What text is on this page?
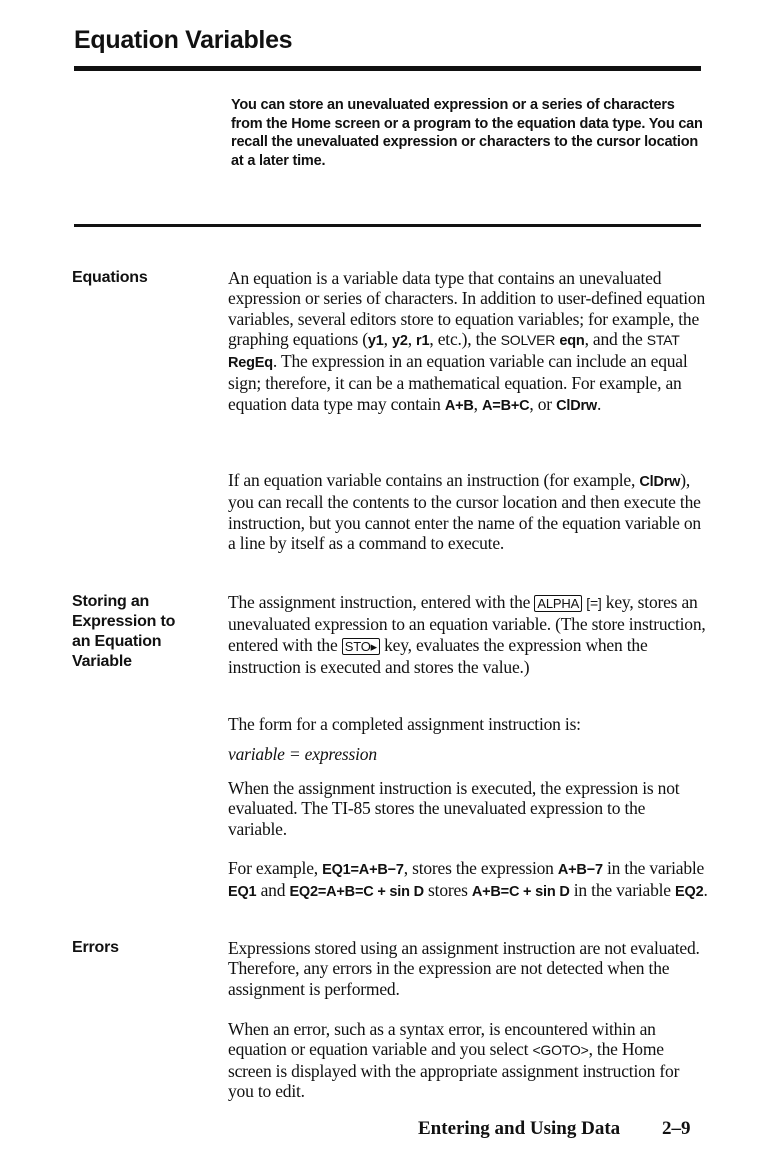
Equation Variables
You can store an unevaluated expression or a series of characters from the Home screen or a program to the equation data type. You can recall the unevaluated expression or characters to the cursor location at a later time.
Equations	An equation is a variable data type that contains an unevaluated expression or series of characters. In addition to user-defined equation variables, several editors store to equation variables; for example, the graphing equations (y1, y2, r1, etc.), the SOLVER eqn, and the STAT RegEq. The expression in an equation variable can include an equal sign; therefore, it can be a mathematical equation. For example, an equation data type may contain A+B, A=B+C, or ClDrw.
If an equation variable contains an instruction (for example, ClDrw), you can recall the contents to the cursor location and then execute the instruction, but you cannot enter the name of the equation variable on a line by itself as a command to execute.
Storing an
Expression to
an Equation
Variable
The assignment instruction, entered with the ALPHA [=] key, stores an unevaluated expression to an equation variable. (The store instruction, entered with the STO▸ key, evaluates the expression when the instruction is executed and stores the value.)
The form for a completed assignment instruction is:
variable = expression
When the assignment instruction is executed, the expression is not evaluated. The TI-85 stores the unevaluated expression to the variable.
For example, EQ1=A+B−7, stores the expression A+B−7 in the variable EQ1 and EQ2=A+B=C + sin D stores A+B=C + sin D in the variable EQ2.
Errors	Expressions stored using an assignment instruction are not evaluated. Therefore, any errors in the expression are not detected when the assignment is performed.
When an error, such as a syntax error, is encountered within an equation or equation variable and you select <GOTO>, the Home screen is displayed with the appropriate assignment instruction for you to edit.
Entering and Using Data 2–9
